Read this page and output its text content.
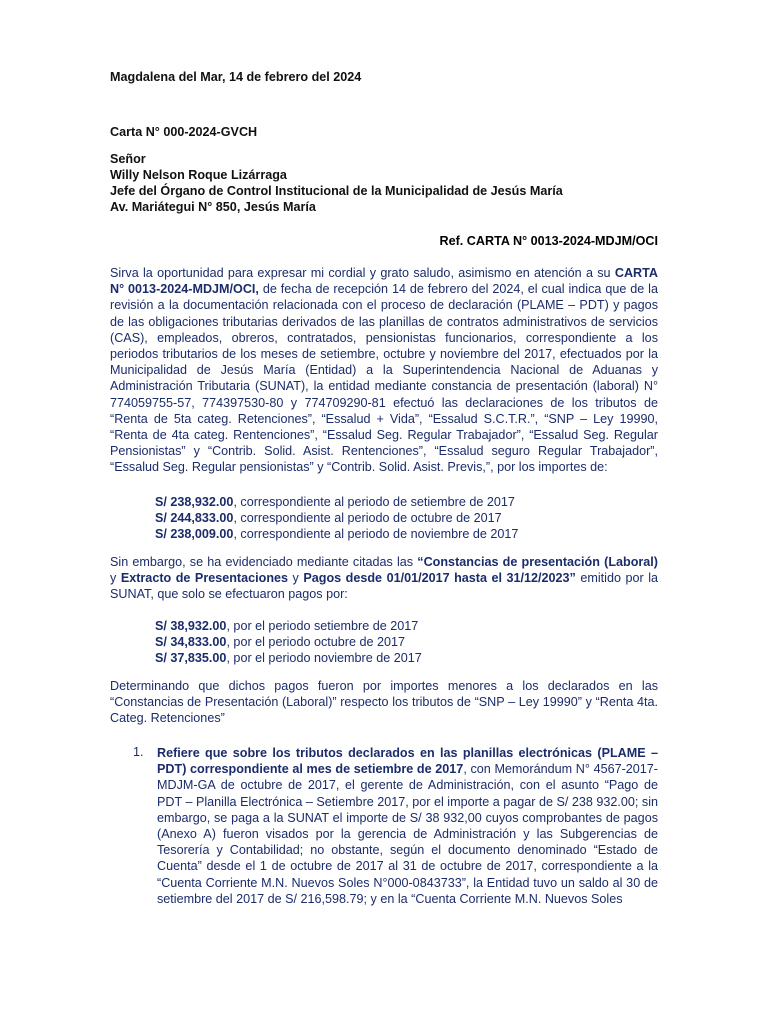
Magdalena del Mar, 14 de febrero del 2024
Carta N° 000-2024-GVCH
Señor
Willy Nelson Roque Lizárraga
Jefe del Órgano de Control Institucional de la Municipalidad de Jesús María
Av. Mariátegui N° 850, Jesús María
Ref. CARTA N° 0013-2024-MDJM/OCI
Sirva la oportunidad para expresar mi cordial y grato saludo, asimismo en atención a su CARTA N° 0013-2024-MDJM/OCI, de fecha de recepción 14 de febrero del 2024, el cual indica que de la revisión a la documentación relacionada con el proceso de declaración (PLAME – PDT) y pagos de las obligaciones tributarias derivados de las planillas de contratos administrativos de servicios (CAS), empleados, obreros, contratados, pensionistas funcionarios, correspondiente a los periodos tributarios de los meses de setiembre, octubre y noviembre del 2017, efectuados por la Municipalidad de Jesús María (Entidad) a la Superintendencia Nacional de Aduanas y Administración Tributaria (SUNAT), la entidad mediante constancia de presentación (laboral) N° 774059755-57, 774397530-80 y 774709290-81 efectuó las declaraciones de los tributos de “Renta de 5ta categ. Retenciones”, “Essalud + Vida”, “Essalud S.C.T.R.”, “SNP – Ley 19990, “Renta de 4ta categ. Rentenciones”, “Essalud Seg. Regular Trabajador”, “Essalud Seg. Regular Pensionistas” y “Contrib. Solid. Asist. Rentenciones”, “Essalud seguro Regular Trabajador”, “Essalud Seg. Regular pensionistas” y “Contrib. Solid. Asist. Previs,”, por los importes de:
S/ 238,932.00, correspondiente al periodo de setiembre de 2017
S/ 244,833.00, correspondiente al periodo de octubre de 2017
S/ 238,009.00, correspondiente al periodo de noviembre de 2017
Sin embargo, se ha evidenciado mediante citadas las “Constancias de presentación (Laboral) y Extracto de Presentaciones y Pagos desde 01/01/2017 hasta el 31/12/2023” emitido por la SUNAT, que solo se efectuaron pagos por:
S/ 38,932.00, por el periodo setiembre de 2017
S/ 34,833.00, por el periodo octubre de 2017
S/ 37,835.00, por el periodo noviembre de 2017
Determinando que dichos pagos fueron por importes menores a los declarados en las “Constancias de Presentación (Laboral)” respecto los tributos de “SNP – Ley 19990” y “Renta 4ta. Categ. Retenciones”
1. Refiere que sobre los tributos declarados en las planillas electrónicas (PLAME – PDT) correspondiente al mes de setiembre de 2017, con Memorándum N° 4567-2017-MDJM-GA de octubre de 2017, el gerente de Administración, con el asunto “Pago de PDT – Planilla Electrónica – Setiembre 2017, por el importe a pagar de S/ 238 932.00; sin embargo, se paga a la SUNAT el importe de S/ 38 932,00 cuyos comprobantes de pagos (Anexo A) fueron visados por la gerencia de Administración y las Subgerencias de Tesorería y Contabilidad; no obstante, según el documento denominado “Estado de Cuenta” desde el 1 de octubre de 2017 al 31 de octubre de 2017, correspondiente a la “Cuenta Corriente M.N. Nuevos Soles N°000-0843733”, la Entidad tuvo un saldo al 30 de setiembre del 2017 de S/ 216,598.79; y en la “Cuenta Corriente M.N. Nuevos Soles
